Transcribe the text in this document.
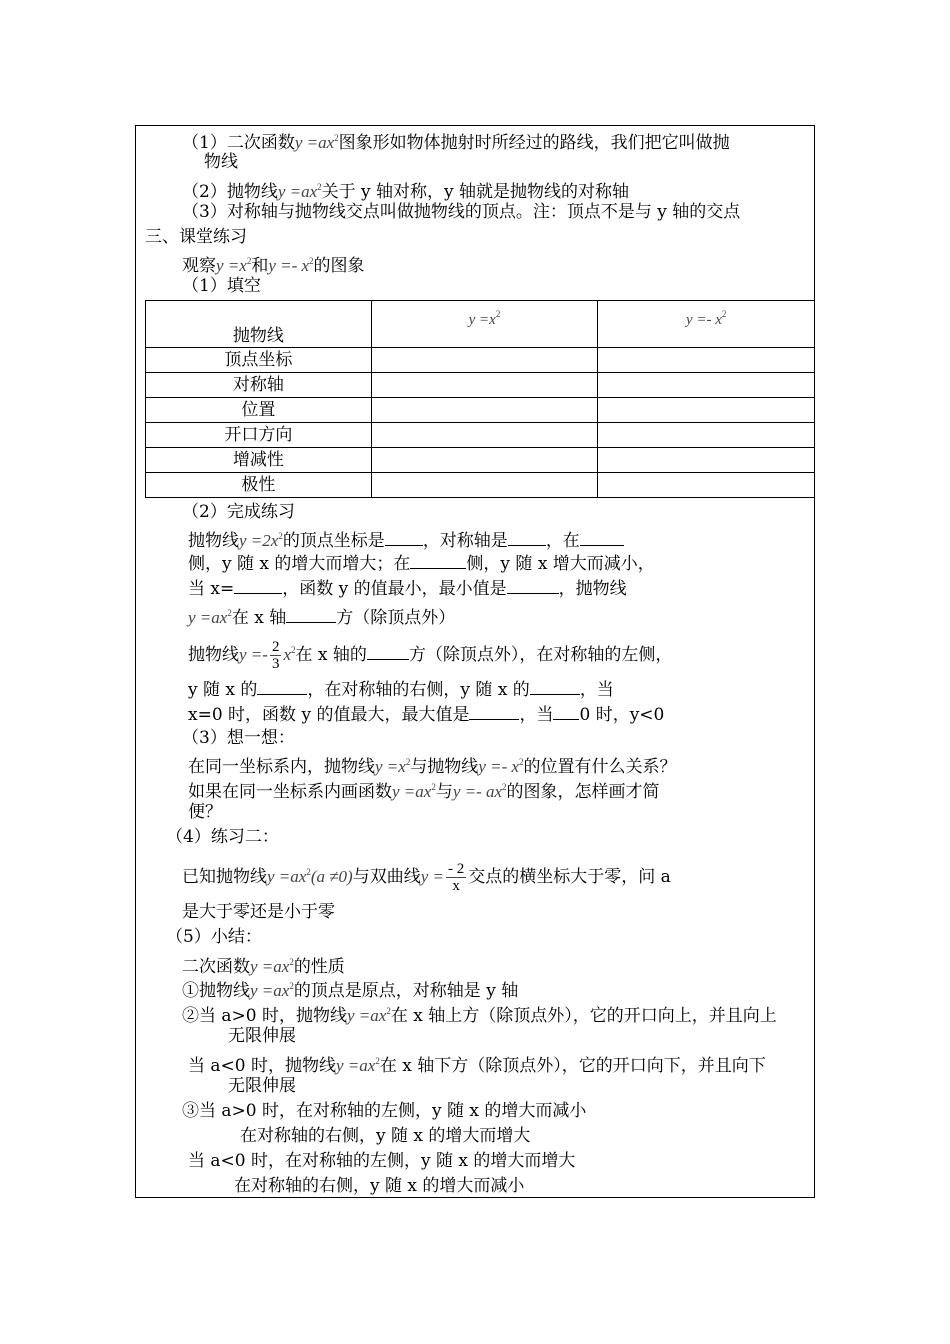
（1）二次函数$y =ax^2$图象形如物体抛射时所经过的路线，我们把它叫做抛
物线
（2）抛物线$y =ax^2$关于 y 轴对称，y 轴就是抛物线的对称轴
（3）对称轴与抛物线交点叫做抛物线的顶点。注：顶点不是与 y 轴的交点
三、课堂练习
观察$y =x^2$和$y =- x^2$的图象
（1）填空
抛物线	$y =x^2$	$y =- x^2$

顶点坐标		
对称轴		
位置		
开口方向		
增减性		
极性		
（2）完成练习
抛物线$y =2x^2$的顶点坐标是 ，对称轴是 ，在
侧，y 随 x 的增大而增大；在	侧，y 随 x 增大而减小，
当 x=	，函数 y 的值最小，最小值是	，抛物线
$y =ax^2$在 x 轴	方（除顶点外）
抛物线$y =- \frac{2}{3} x^2$在 x 轴的 方（除顶点外），在对称轴的左侧，
y 随 x 的	，在对称轴的右侧，y 随 x 的	，当
x=0 时，函数 y 的值最大，最大值是	，当 0 时，y<0
（3）想一想：
在同一坐标系内，抛物线$y =x^2$与抛物线$y =- x^2$的位置有什么关系？
如果在同一坐标系内画函数$y =ax^2$与$y =- ax^2$的图象，怎样画才简
便？
（4）练习二：
已知抛物线$y =ax^2(a \ne 0)$与双曲线$y = \frac{- 2}{x}$ 交点的横坐标大于零，问 a
是大于零还是小于零
（5）小结：
二次函数$y =ax^2$的性质
①抛物线$y =ax^2$的顶点是原点，对称轴是 y 轴
②当 a>0 时，抛物线$y =ax^2$在 x 轴上方（除顶点外），它的开口向上，并且向上
无限伸展
当 a<0 时，抛物线$y =ax^2$在 x 轴下方（除顶点外），它的开口向下，并且向下
无限伸展
③当 a>0 时，在对称轴的左侧，y 随 x 的增大而减小
在对称轴的右侧，y 随 x 的增大而增大
当 a<0 时，在对称轴的左侧，y 随 x 的增大而增大
在对称轴的右侧，y 随 x 的增大而减小
